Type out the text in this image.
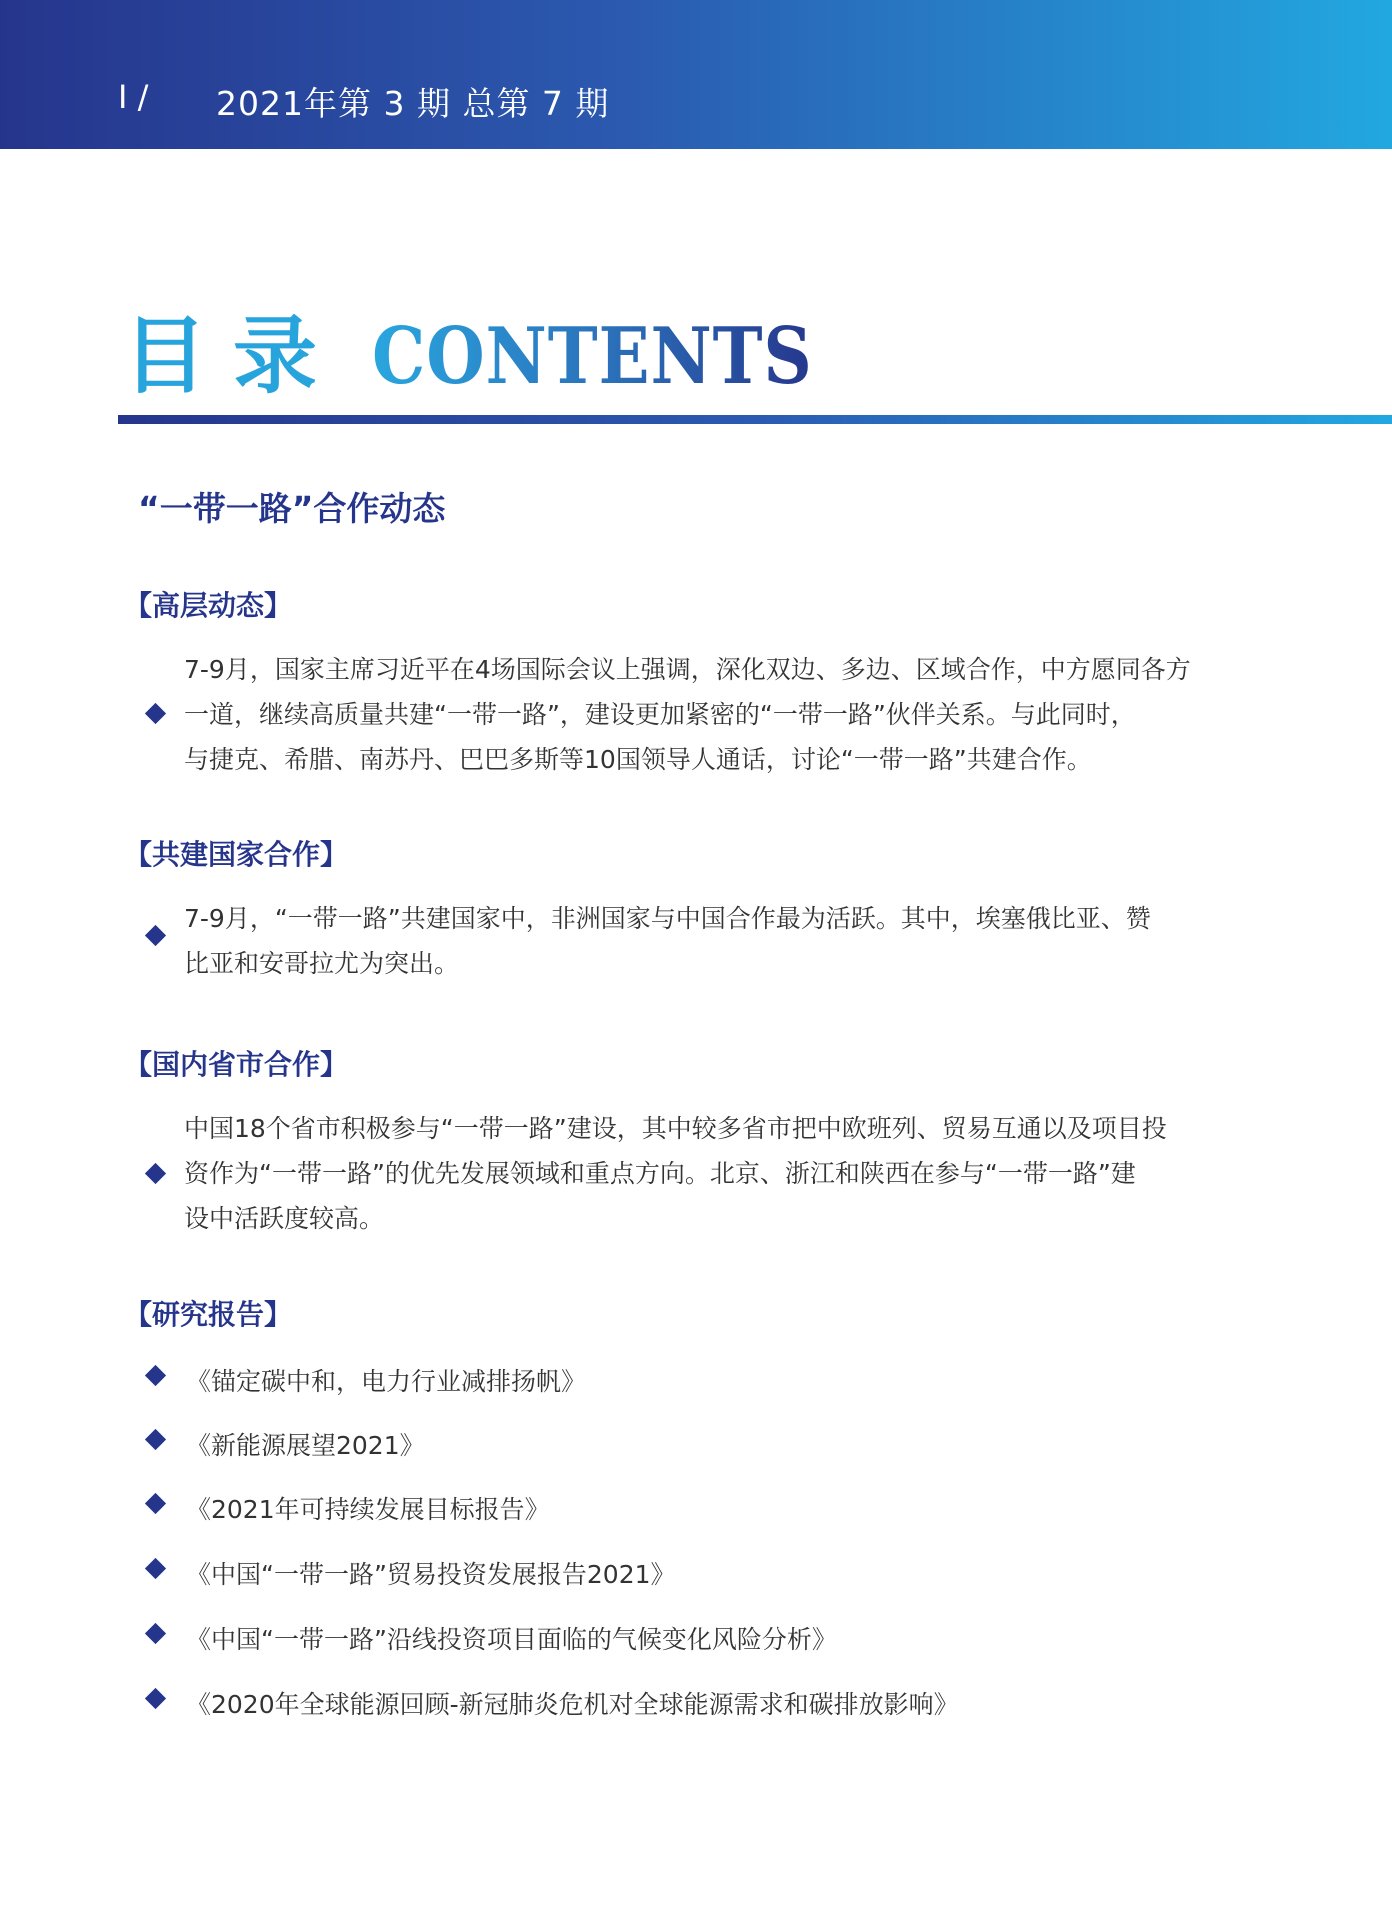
I / 2021年第 3 期 总第 7 期
目录 CONTENTS
“一带一路”合作动态
【高层动态】
7-9月，国家主席习近平在4场国际会议上强调，深化双边、多边、区域合作，中方愿同各方
一道，继续高质量共建“一带一路”，建设更加紧密的“一带一路”伙伴关系。与此同时，
与捷克、希腊、南苏丹、巴巴多斯等10国领导人通话，讨论“一带一路”共建合作。
【共建国家合作】
7-9月，“一带一路”共建国家中，非洲国家与中国合作最为活跃。其中，埃塞俄比亚、赞
比亚和安哥拉尤为突出。
【国内省市合作】
中国18个省市积极参与“一带一路”建设，其中较多省市把中欧班列、贸易互通以及项目投
资作为“一带一路”的优先发展领域和重点方向。北京、浙江和陕西在参与“一带一路”建
设中活跃度较高。
【研究报告】
《锚定碳中和，电力行业减排扬帆》
《新能源展望2021》
《2021年可持续发展目标报告》
《中国“一带一路”贸易投资发展报告2021》
《中国“一带一路”沿线投资项目面临的气候变化风险分析》
《2020年全球能源回顾-新冠肺炎危机对全球能源需求和碳排放影响》
